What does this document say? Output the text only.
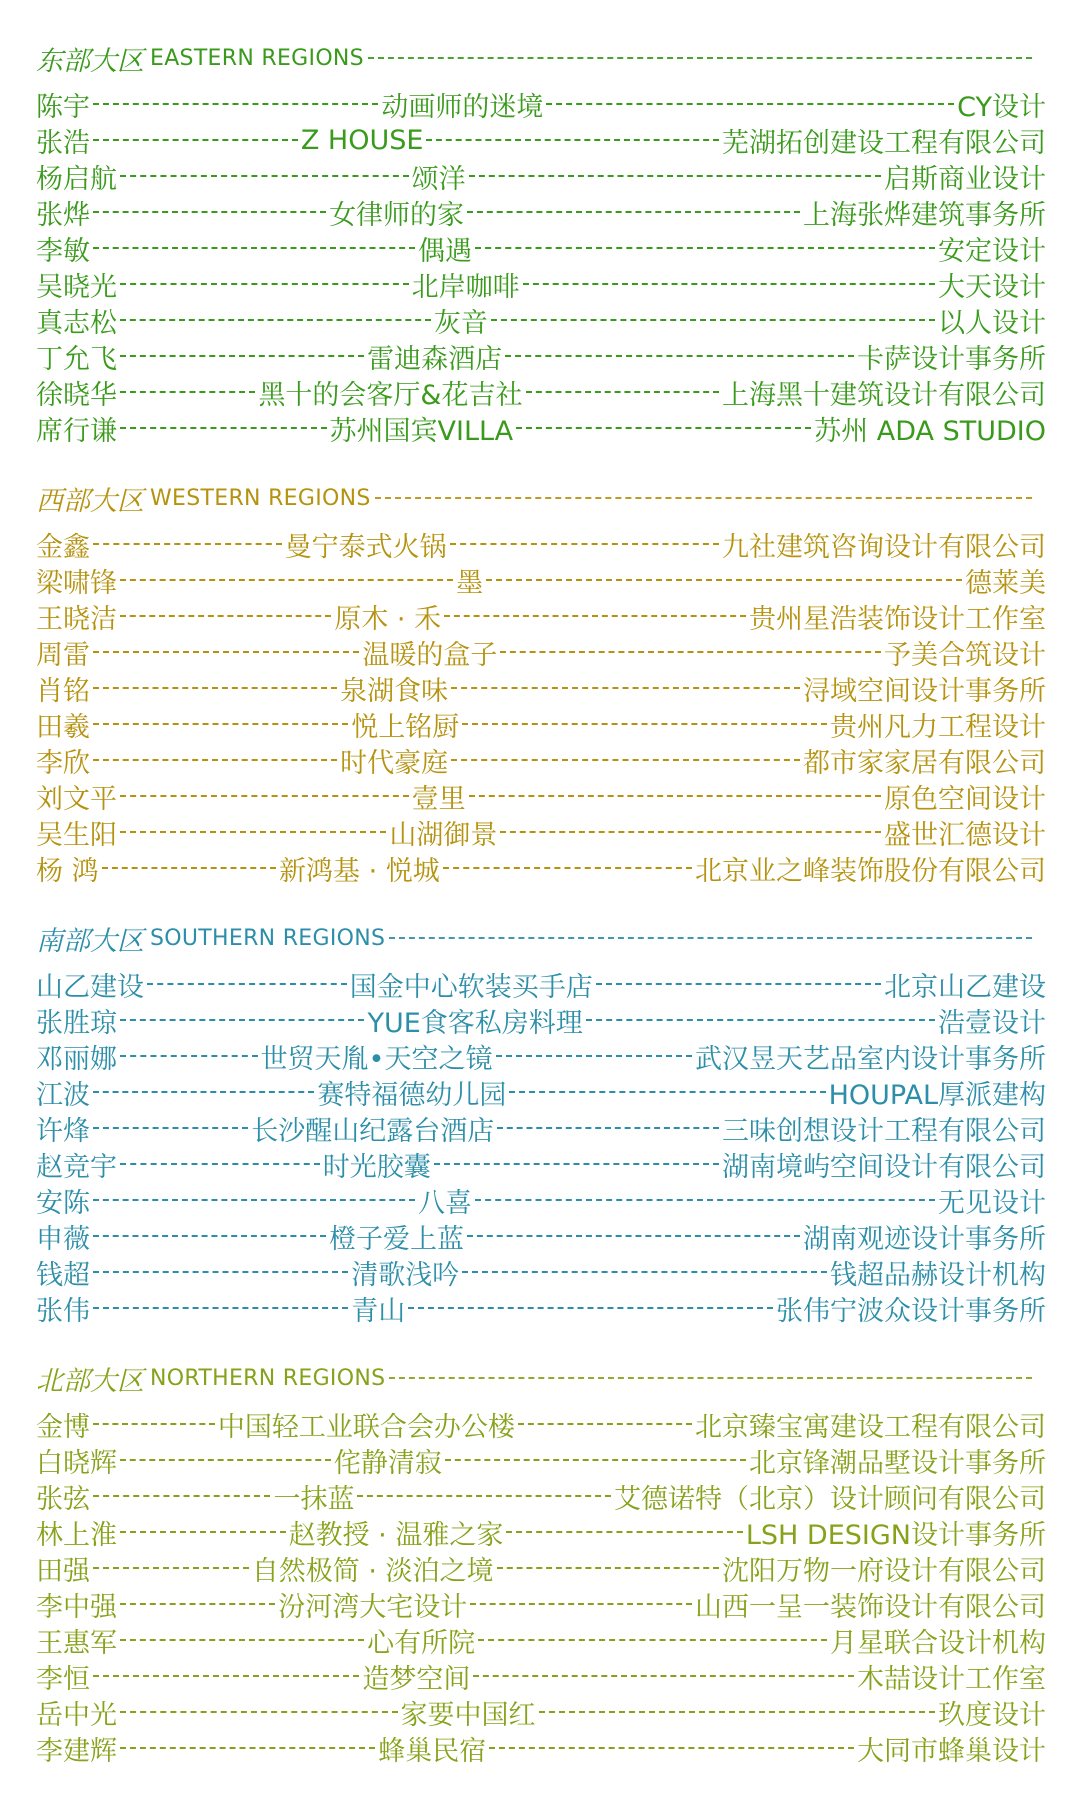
东部大区 EASTERN REGIONS
陈宇	动画师的迷境	CY设计
张浩	Z HOUSE	芜湖拓创建设工程有限公司
杨启航	颂洋	启斯商业设计
张烨	女律师的家	上海张烨建筑事务所
李敏	偶遇	安定设计
吴晓光	北岸咖啡	大天设计
真志松	灰音	以人设计
丁允飞	雷迪森酒店	卡萨设计事务所
徐晓华	黑十的会客厅&花吉社	上海黑十建筑设计有限公司
席行谦	苏州国宾VILLA	苏州 ADA STUDIO
西部大区 WESTERN REGIONS
金鑫	曼宁泰式火锅	九社建筑咨询设计有限公司
梁啸锋	墨	德莱美
王晓洁	原木 · 禾	贵州星浩装饰设计工作室
周雷	温暖的盒子	予美合筑设计
肖铭	泉湖食味	浔域空间设计事务所
田羲	悦上铭厨	贵州凡力工程设计
李欣	时代豪庭	都市家家居有限公司
刘文平	壹里	原色空间设计
吴生阳	山湖御景	盛世汇德设计
杨 鸿	新鸿基 · 悦城	北京业之峰装饰股份有限公司
南部大区 SOUTHERN REGIONS
山乙建设	国金中心软装买手店	北京山乙建设
张胜琼	YUE食客私房料理	浩壹设计
邓丽娜	世贸天胤•天空之镜	武汉昱天艺品室内设计事务所
江波	赛特福德幼儿园	HOUPAL厚派建构
许烽	长沙醒山纪露台酒店	三味创想设计工程有限公司
赵竞宇	时光胶囊	湖南境屿空间设计有限公司
安陈	八喜	无见设计
申薇	橙子爱上蓝	湖南观迹设计事务所
钱超	清歌浅吟	钱超品赫设计机构
张伟	青山	张伟宁波众设计事务所
北部大区 NORTHERN REGIONS
金博	中国轻工业联合会办公楼	北京臻宝寓建设工程有限公司
白晓辉	侘静清寂	北京锋潮品墅设计事务所
张弦	一抹蓝	艾德诺特（北京）设计顾问有限公司
林上淮	赵教授 · 温雅之家	LSH DESIGN设计事务所
田强	自然极简 · 淡泊之境	沈阳万物一府设计有限公司
李中强	汾河湾大宅设计	山西一呈一装饰设计有限公司
王惠军	心有所院	月星联合设计机构
李恒	造梦空间	木喆设计工作室
岳中光	家要中国红	玖度设计
李建辉	蜂巢民宿	大同市蜂巢设计
